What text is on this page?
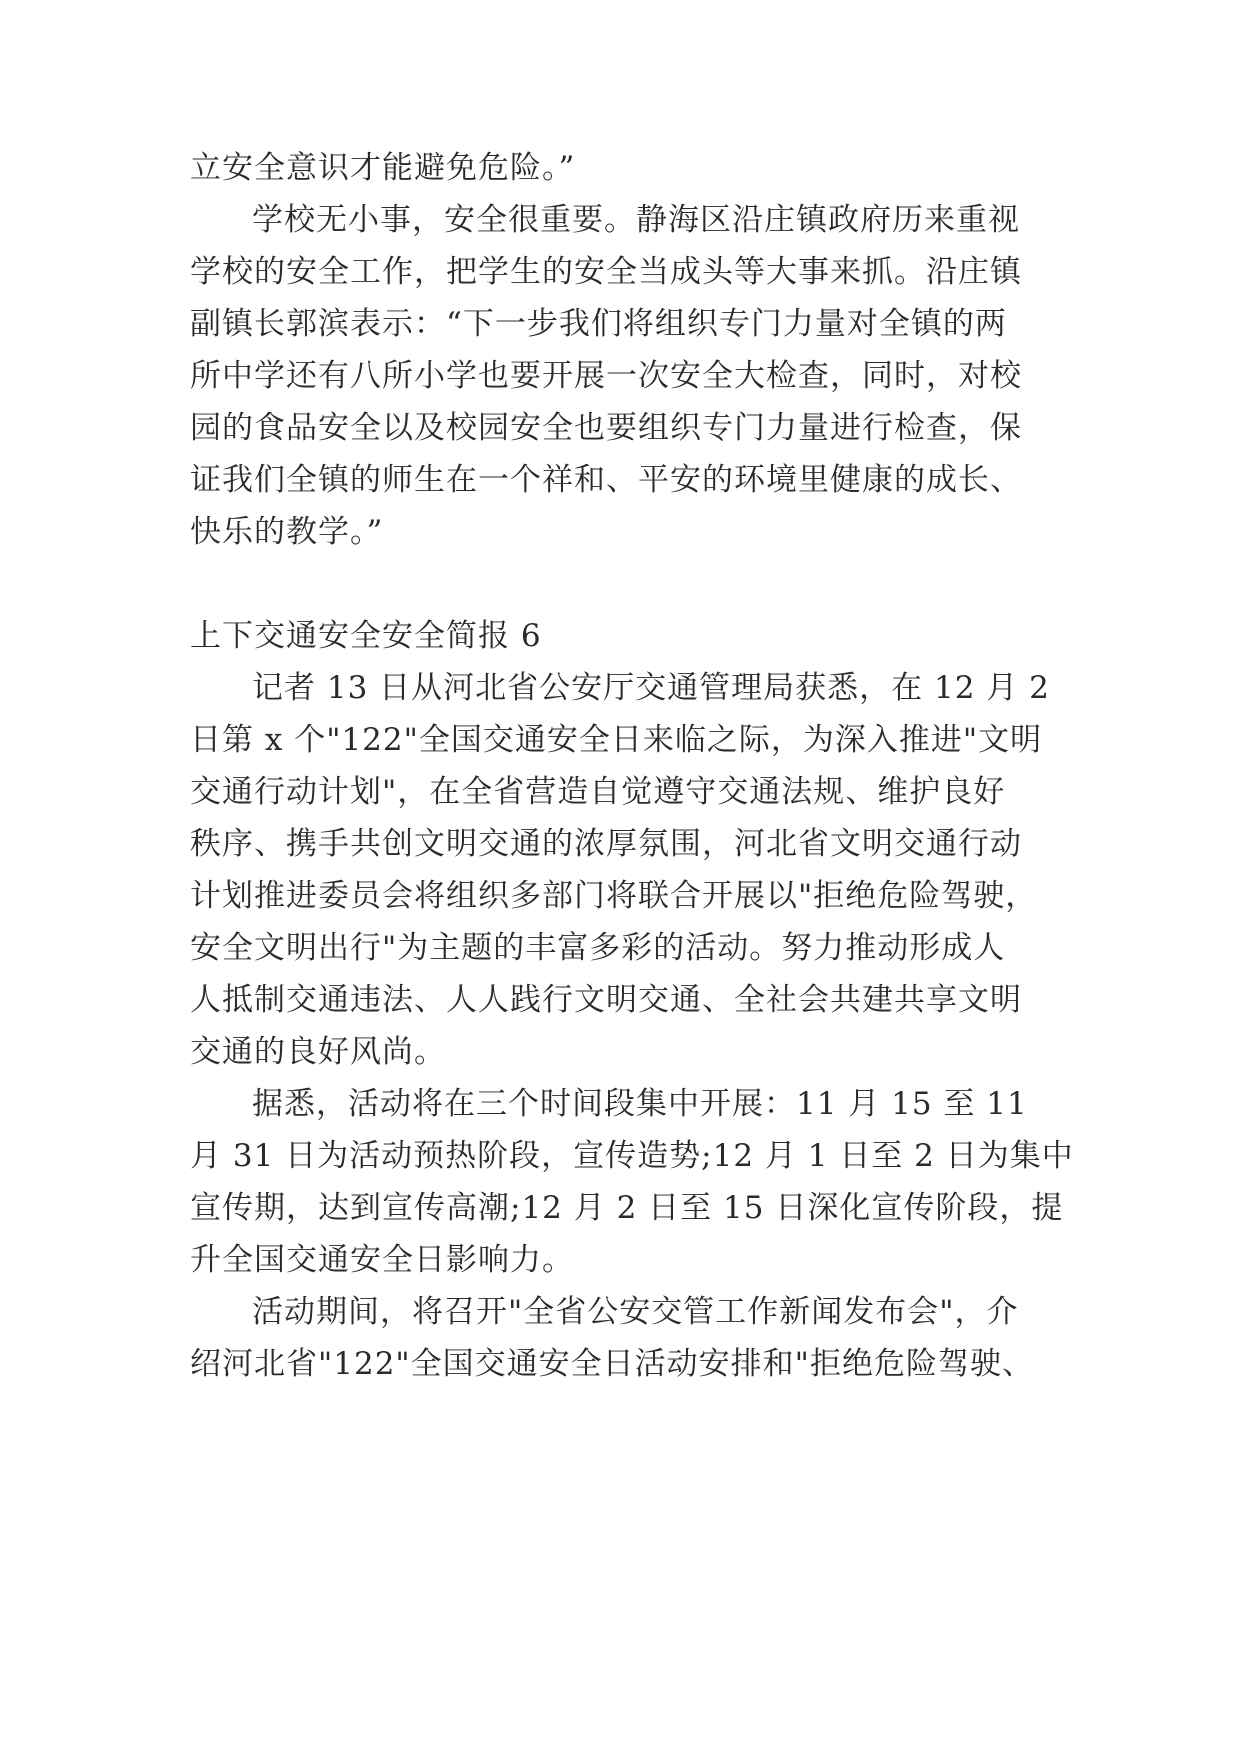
立安全意识才能避免危险。”
学校无小事，安全很重要。静海区沿庄镇政府历来重视
学校的安全工作，把学生的安全当成头等大事来抓。沿庄镇
副镇长郭滨表示：“下一步我们将组织专门力量对全镇的两
所中学还有八所小学也要开展一次安全大检查，同时，对校
园的食品安全以及校园安全也要组织专门力量进行检查，保
证我们全镇的师生在一个祥和、平安的环境里健康的成长、
快乐的教学。”
上下交通安全安全简报 6
记者 13 日从河北省公安厅交通管理局获悉，在 12 月 2
日第 x 个"122"全国交通安全日来临之际，为深入推进"文明
交通行动计划"，在全省营造自觉遵守交通法规、维护良好
秩序、携手共创文明交通的浓厚氛围，河北省文明交通行动
计划推进委员会将组织多部门将联合开展以"拒绝危险驾驶，
安全文明出行"为主题的丰富多彩的活动。努力推动形成人
人抵制交通违法、人人践行文明交通、全社会共建共享文明
交通的良好风尚。
据悉，活动将在三个时间段集中开展：11 月 15 至 11
月 31 日为活动预热阶段，宣传造势;12 月 1 日至 2 日为集中
宣传期，达到宣传高潮;12 月 2 日至 15 日深化宣传阶段，提
升全国交通安全日影响力。
活动期间，将召开"全省公安交管工作新闻发布会"，介
绍河北省"122"全国交通安全日活动安排和"拒绝危险驾驶、
